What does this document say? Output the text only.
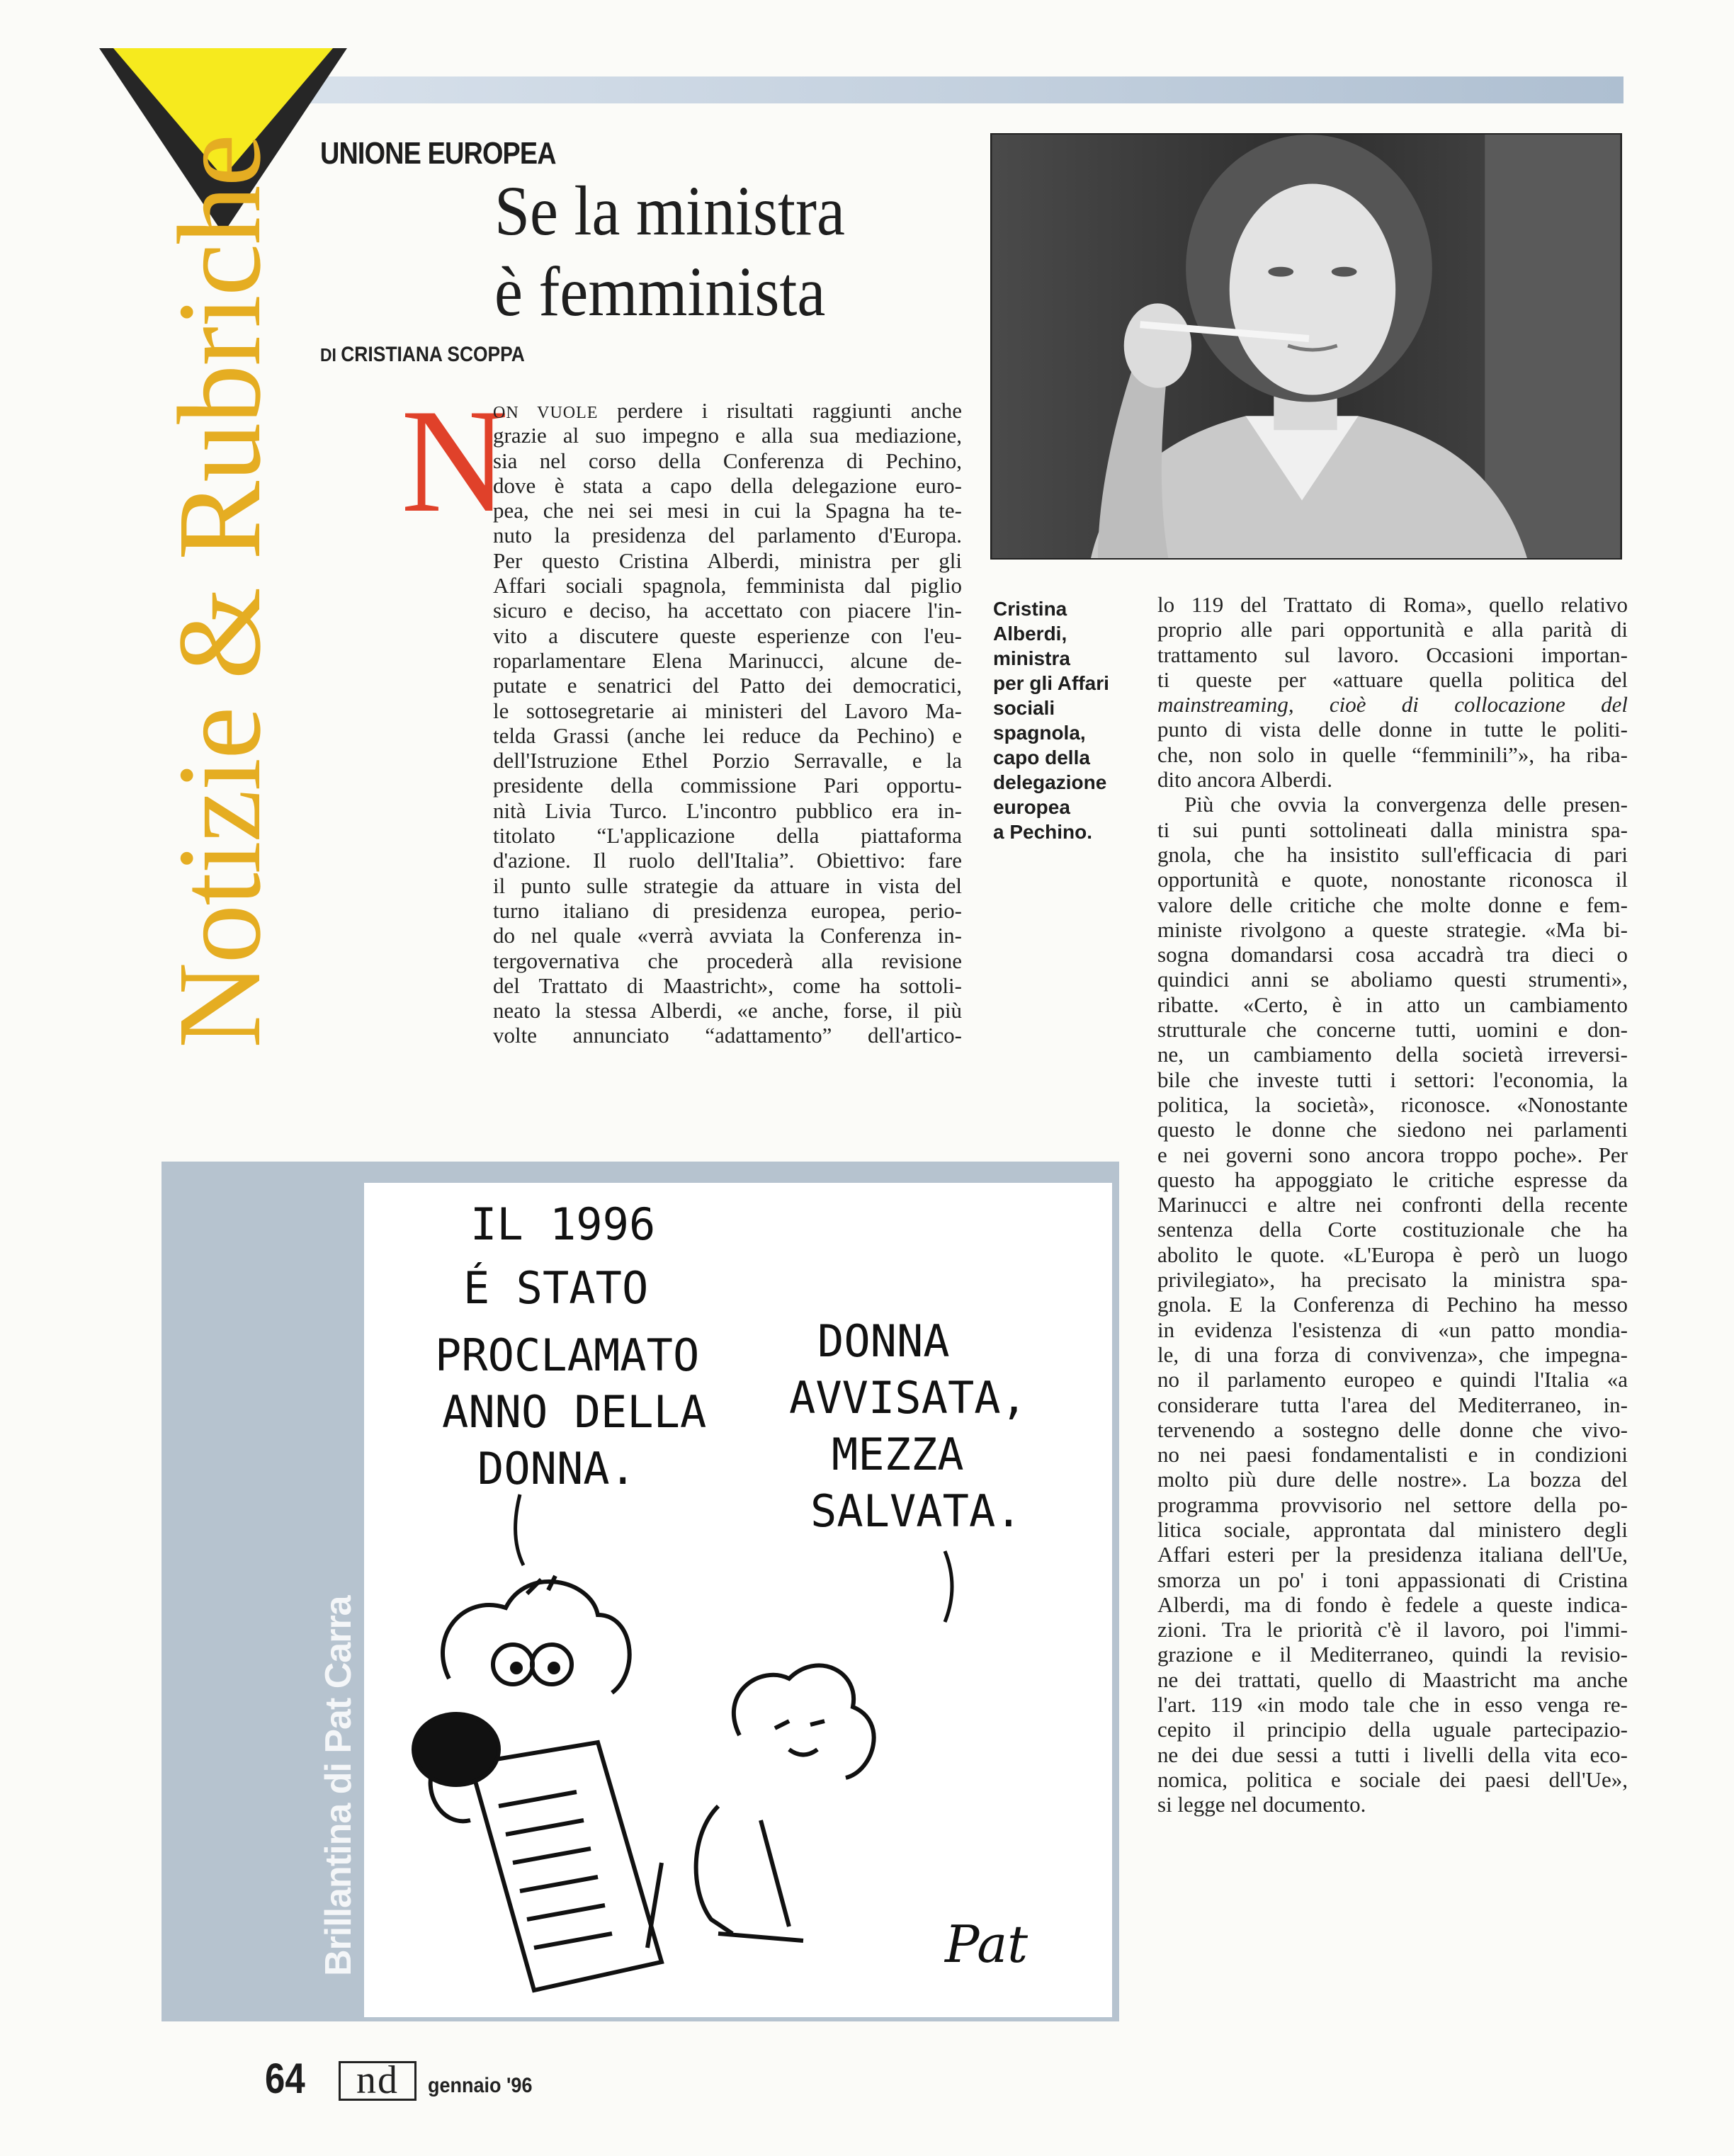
Notizie & Rubriche UNIONE EUROPEA
Se la ministra
è femminista
DI CRISTIANA SCOPPA
Cristina
Alberdi,
ministra
per gli Affari
sociali
spagnola,
capo della
delegazione
europea
a Pechino.
N
ON VUOLE perdere i risultati raggiunti anche
grazie al suo impegno e alla sua mediazione,
sia nel corso della Conferenza di Pechino,
dove è stata a capo della delegazione euro-
pea, che nei sei mesi in cui la Spagna ha te-
nuto la presidenza del parlamento d'Europa.
Per questo Cristina Alberdi, ministra per gli
Affari sociali spagnola, femminista dal piglio
sicuro e deciso, ha accettato con piacere l'in-
vito a discutere queste esperienze con l'eu-
roparlamentare Elena Marinucci, alcune de-
putate e senatrici del Patto dei democratici,
le sottosegretarie ai ministeri del Lavoro Ma-
telda Grassi (anche lei reduce da Pechino) e
dell'Istruzione Ethel Porzio Serravalle, e la
presidente della commissione Pari opportu-
nità Livia Turco. L'incontro pubblico era in-
titolato “L'applicazione della piattaforma
d'azione. Il ruolo dell'Italia”. Obiettivo: fare
il punto sulle strategie da attuare in vista del
turno italiano di presidenza europea, perio-
do nel quale «verrà avviata la Conferenza in-
tergovernativa che procederà alla revisione
del Trattato di Maastricht», come ha sottoli-
neato la stessa Alberdi, «e anche, forse, il più
volte annunciato “adattamento” dell'artico-
lo 119 del Trattato di Roma», quello relativo
proprio alle pari opportunità e alla parità di
trattamento sul lavoro. Occasioni importan-
ti queste per «attuare quella politica del
mainstreaming, cioè di collocazione del
punto di vista delle donne in tutte le politi-
che, non solo in quelle “femminili”», ha riba-
dito ancora Alberdi.
Più che ovvia la convergenza delle presen-
ti sui punti sottolineati dalla ministra spa-
gnola, che ha insistito sull'efficacia di pari
opportunità e quote, nonostante riconosca il
valore delle critiche che molte donne e fem-
ministe rivolgono a queste strategie. «Ma bi-
sogna domandarsi cosa accadrà tra dieci o
quindici anni se aboliamo questi strumenti»,
ribatte. «Certo, è in atto un cambiamento
strutturale che concerne tutti, uomini e don-
ne, un cambiamento della società irreversi-
bile che investe tutti i settori: l'economia, la
politica, la società», riconosce. «Nonostante
questo le donne che siedono nei parlamenti
e nei governi sono ancora troppo poche». Per
questo ha appoggiato le critiche espresse da
Marinucci e altre nei confronti della recente
sentenza della Corte costituzionale che ha
abolito le quote. «L'Europa è però un luogo
privilegiato», ha precisato la ministra spa-
gnola. E la Conferenza di Pechino ha messo
in evidenza l'esistenza di «un patto mondia-
le, di una forza di convivenza», che impegna-
no il parlamento europeo e quindi l'Italia «a
considerare tutta l'area del Mediterraneo, in-
tervenendo a sostegno delle donne che vivo-
no nei paesi fondamentalisti e in condizioni
molto più dure delle nostre». La bozza del
programma provvisorio nel settore della po-
litica sociale, approntata dal ministero degli
Affari esteri per la presidenza italiana dell'Ue,
smorza un po' i toni appassionati di Cristina
Alberdi, ma di fondo è fedele a queste indica-
zioni. Tra le priorità c'è il lavoro, poi l'immi-
grazione e il Mediterraneo, quindi la revisio-
ne dei trattati, quello di Maastricht ma anche
l'art. 119 «in modo tale che in esso venga re-
cepito il principio della uguale partecipazio-
ne dei due sessi a tutti i livelli della vita eco-
nomica, politica e sociale dei paesi dell'Ue»,
si legge nel documento.
Brillantina di Pat Carra
IL 1996
É STATO
PROCLAMATO
ANNO DELLA
DONNA.
DONNA
AVVISATA,
MEZZA
SALVATA.
Pat
64	nd	gennaio '96
